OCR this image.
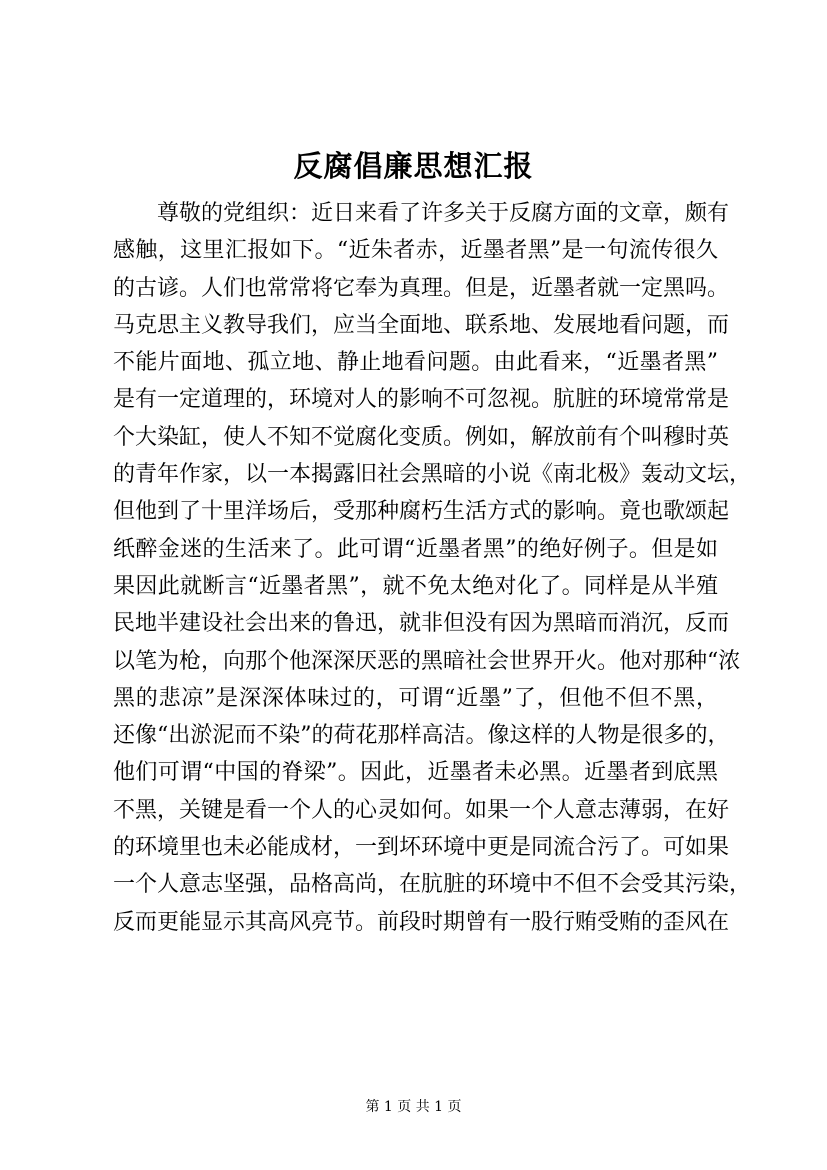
反腐倡廉思想汇报
尊敬的党组织：近日来看了许多关于反腐方面的文章，颇有
感触，这里汇报如下。“近朱者赤，近墨者黑”是一句流传很久
的古谚。人们也常常将它奉为真理。但是，近墨者就一定黑吗。
马克思主义教导我们，应当全面地、联系地、发展地看问题，而
不能片面地、孤立地、静止地看问题。由此看来，“近墨者黑”
是有一定道理的，环境对人的影响不可忽视。肮脏的环境常常是
个大染缸，使人不知不觉腐化变质。例如，解放前有个叫穆时英
的青年作家，以一本揭露旧社会黑暗的小说《南北极》轰动文坛，
但他到了十里洋场后，受那种腐朽生活方式的影响。竟也歌颂起
纸醉金迷的生活来了。此可谓“近墨者黑”的绝好例子。但是如
果因此就断言“近墨者黑”，就不免太绝对化了。同样是从半殖
民地半建设社会出来的鲁迅，就非但没有因为黑暗而消沉，反而
以笔为枪，向那个他深深厌恶的黑暗社会世界开火。他对那种“浓
黑的悲凉”是深深体味过的，可谓“近墨”了，但他不但不黑，
还像“出淤泥而不染”的荷花那样高洁。像这样的人物是很多的，
他们可谓“中国的脊梁”。因此，近墨者未必黑。近墨者到底黑
不黑，关键是看一个人的心灵如何。如果一个人意志薄弱，在好
的环境里也未必能成材，一到坏环境中更是同流合污了。可如果
一个人意志坚强，品格高尚，在肮脏的环境中不但不会受其污染，
反而更能显示其高风亮节。前段时期曾有一股行贿受贿的歪风在
第 1 页 共 1 页
